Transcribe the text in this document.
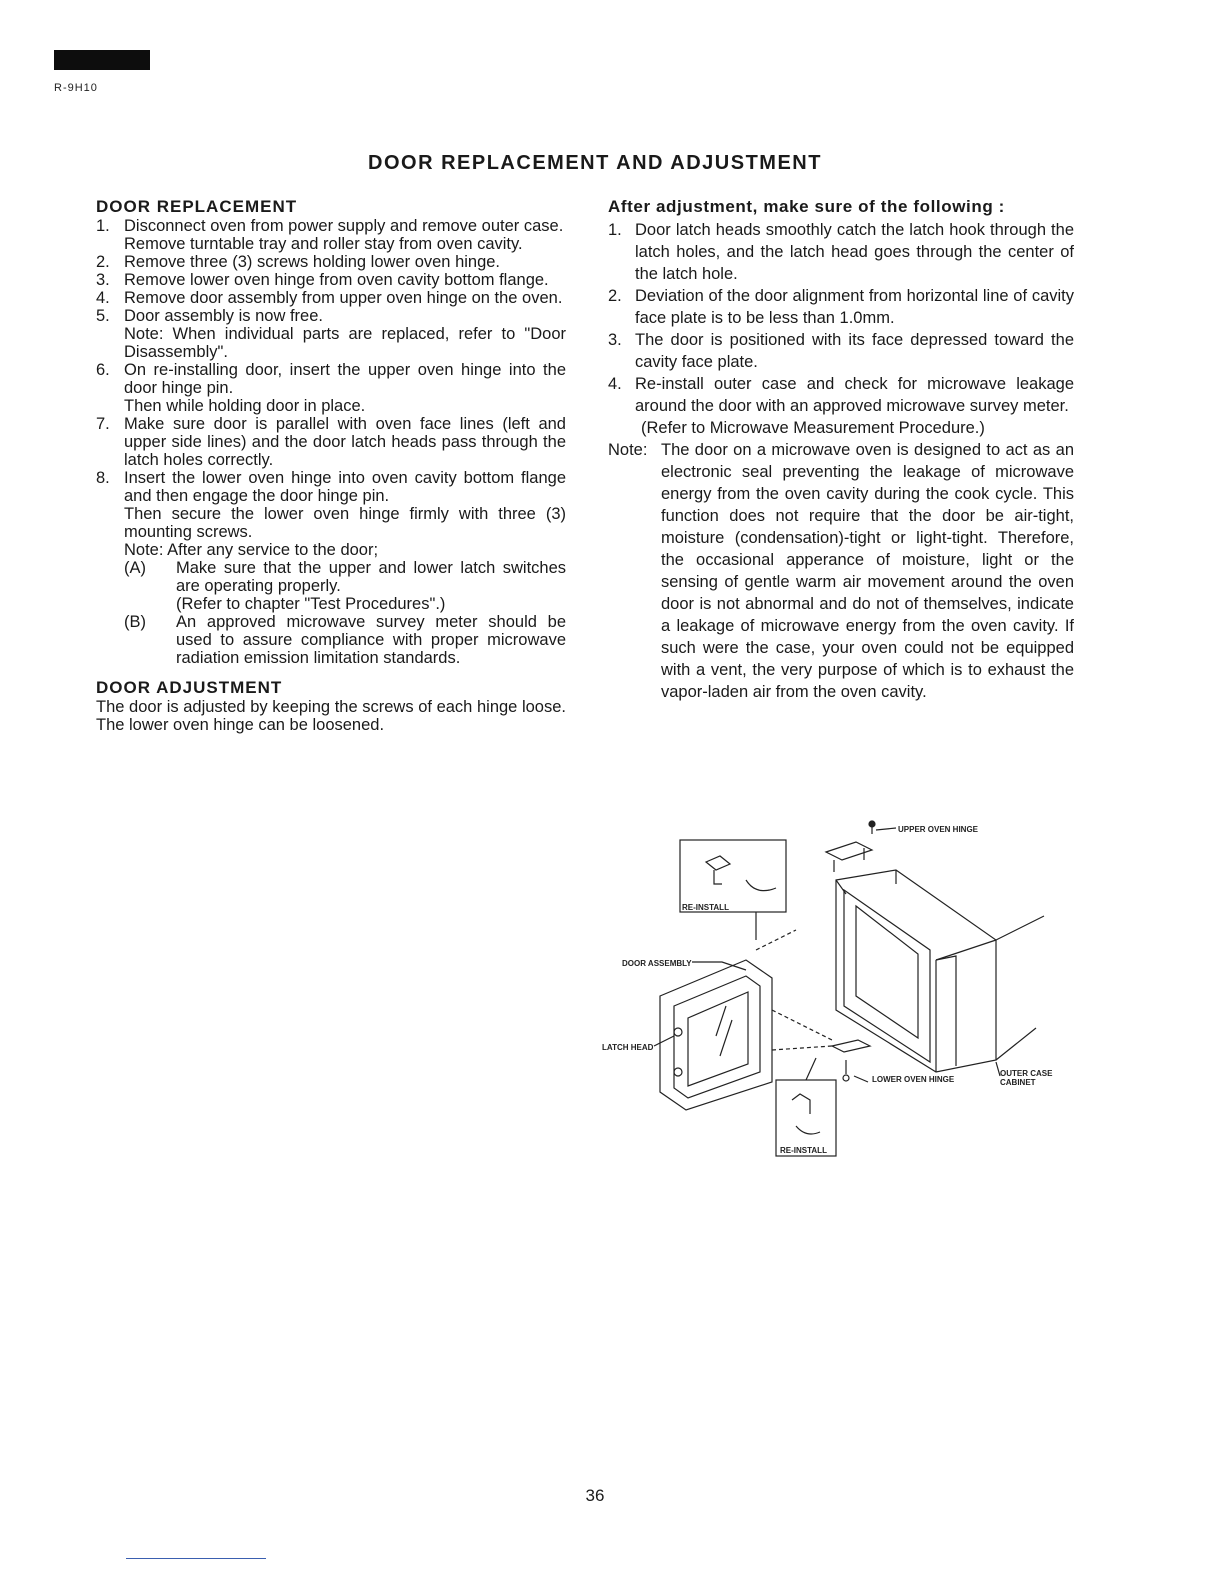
R-9H10
DOOR REPLACEMENT AND ADJUSTMENT
DOOR REPLACEMENT
1. Disconnect oven from power supply and remove outer case.

Remove turntable tray and roller stay from oven cavity.

2. Remove three (3) screws holding lower oven hinge.

3. Remove lower oven hinge from oven cavity bottom flange.

4. Remove door assembly from upper oven hinge on the oven.

5. Door assembly is now free.

Note: When individual parts are replaced, refer to "Door Disassembly".

6. On re-installing door, insert the upper oven hinge into the door hinge pin.

Then while holding door in place.

7. Make sure door is parallel with oven face lines (left and upper side lines) and the door latch heads pass through the latch holes correctly.

8. Insert the lower oven hinge into oven cavity bottom flange and then engage the door hinge pin.

Then secure the lower oven hinge firmly with three (3) mounting screws.

Note: After any service to the door;
(A) Make sure that the upper and lower latch switches are operating properly.

(Refer to chapter "Test Procedures".)

(B) An approved microwave survey meter should be used to assure compliance with proper microwave radiation emission limitation standards.

DOOR ADJUSTMENT

The door is adjusted by keeping the screws of each hinge loose. The lower oven hinge can be loosened.

After adjustment, make sure of the following :
1. Door latch heads smoothly catch the latch hook through the latch holes, and the latch head goes through the center of the latch hole.

2. Deviation of the door alignment from horizontal line of cavity face plate is to be less than 1.0mm.

3. The door is positioned with its face depressed toward the cavity face plate.

4. Re-install outer case and check for microwave leakage around the door with an approved microwave survey meter.

(Refer to Microwave Measurement Procedure.)

Note: The door on a microwave oven is designed to act as an electronic seal preventing the leakage of microwave energy from the oven cavity during the cook cycle. This function does not require that the door be air-tight, moisture (condensation)-tight or light-tight. Therefore, the occasional apperance of moisture, light or the sensing of gentle warm air movement around the oven door is not abnormal and do not of themselves, indicate a leakage of microwave energy from the oven cavity. If such were the case, your oven could not be equipped with a vent, the very purpose of which is to exhaust the vapor-laden air from the oven cavity.

UPPER OVEN HINGE
RE-INSTALL
DOOR ASSEMBLY
LATCH HEAD
LOWER OVEN HINGE
OUTER CASE
CABINET
RE-INSTALL
36
